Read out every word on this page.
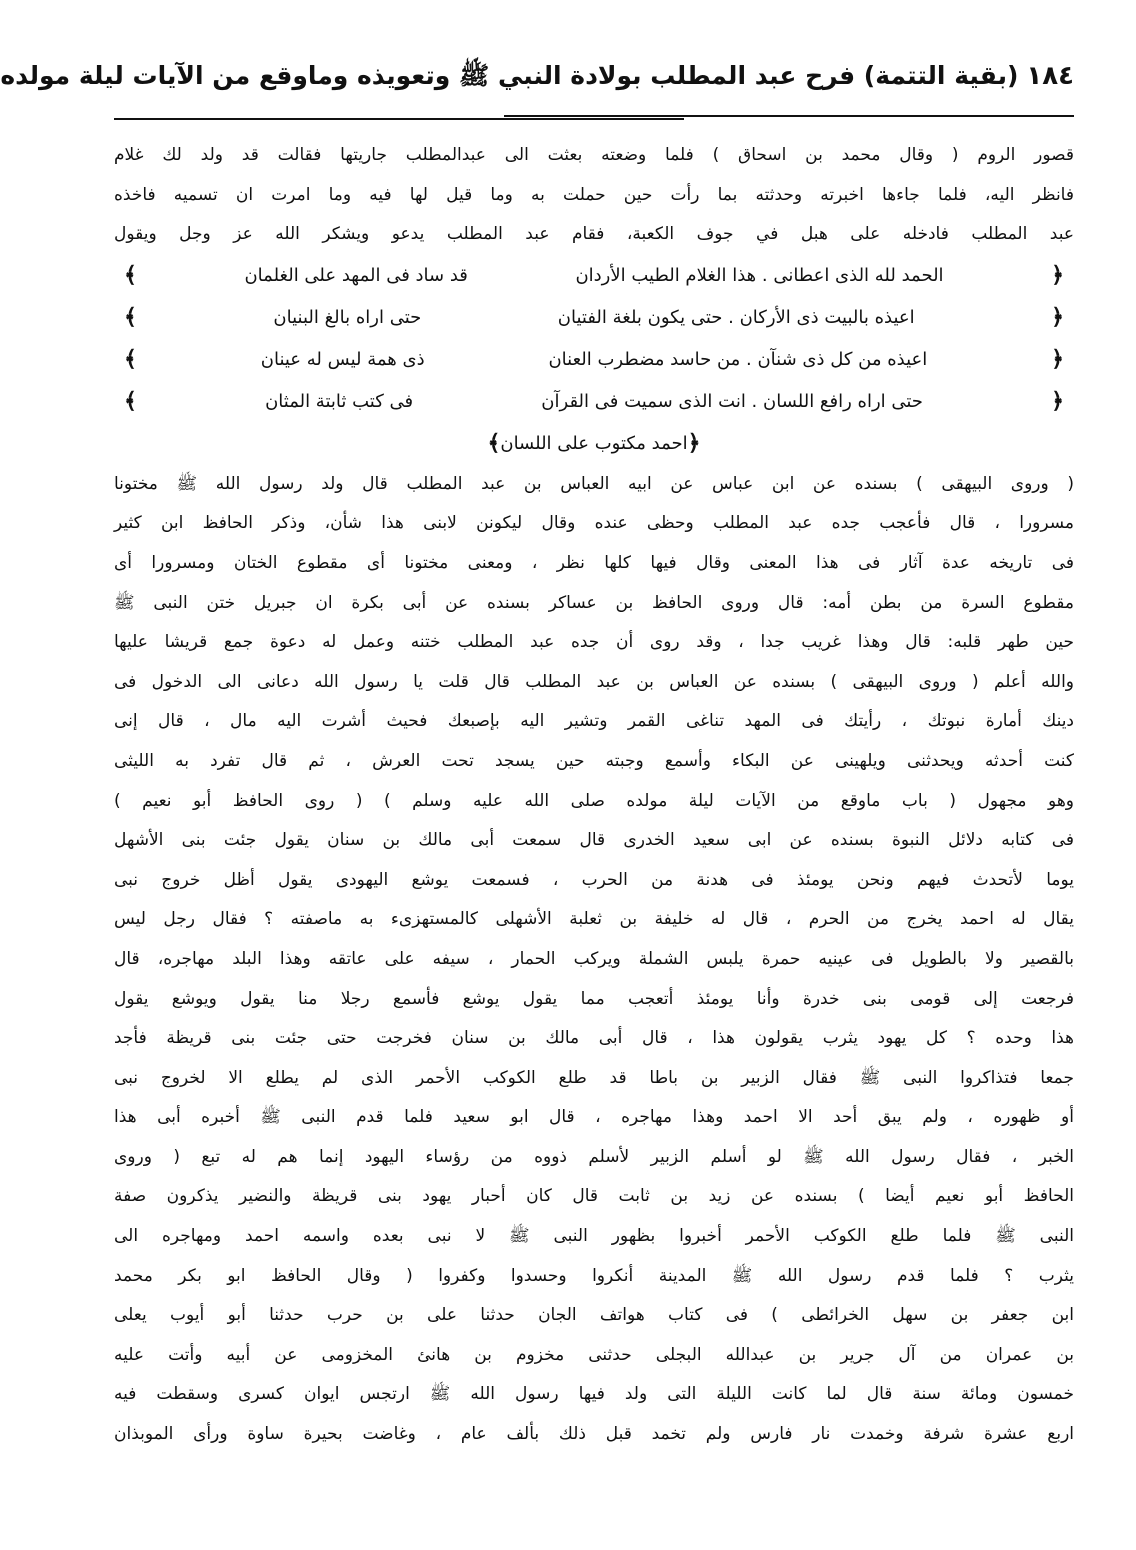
١٨٤
(بقية التتمة) فرح عبد المطلب بولادة النبي ﷺ وتعويذه وماوقع من الآيات ليلة مولده
قصور الروم ( وقال محمد بن اسحاق ) فلما وضعته بعثت الى عبدالمطلب جاريتها فقالت قد ولد لك غلام
فانظر اليه، فلما جاءها اخبرته وحدثته بما رأت حين حملت به وما قيل لها فيه وما امرت ان تسميه فاخذه
عبد المطلب فادخله على هبل في جوف الكعبة، فقام عبد المطلب يدعو ويشكر الله عز وجل ويقول
﴿
الحمد لله الذى اعطانى . هذا الغلام الطيب الأردان
قد ساد فى المهد على الغلمان
﴾
﴿
اعيذه بالبيت ذى الأركان . حتى يكون بلغة الفتيان
حتى اراه بالغ البنيان
﴾
﴿
اعيذه من كل ذى شنآن . من حاسد مضطرب العنان
ذى همة ليس له عينان
﴾
﴿
حتى اراه رافع اللسان . انت الذى سميت فى القرآن
فى كتب ثابتة المثان
﴾
﴿
احمد مكتوب على اللسان
﴾
( وروى البيهقى ) بسنده عن ابن عباس عن ابيه العباس بن عبد المطلب قال ولد رسول الله ﷺ مختونا
مسرورا ، قال فأعجب جده عبد المطلب وحظى عنده وقال ليكونن لابنى هذا شأن، وذكر الحافظ ابن كثير
فى تاريخه عدة آثار فى هذا المعنى وقال فيها كلها نظر ، ومعنى مختونا أى مقطوع الختان ومسرورا أى
مقطوع السرة من بطن أمه: قال وروى الحافظ بن عساكر بسنده عن أبى بكرة ان جبريل ختن النبى ﷺ
حين طهر قلبه: قال وهذا غريب جدا ، وقد روى أن جده عبد المطلب ختنه وعمل له دعوة جمع قريشا عليها
والله أعلم ( وروى البيهقى ) بسنده عن العباس بن عبد المطلب قال قلت يا رسول الله دعانى الى الدخول فى
دينك أمارة نبوتك ، رأيتك فى المهد تناغى القمر وتشير اليه بإصبعك فحيث أشرت اليه مال ، قال إنى
كنت أحدثه ويحدثنى ويلهينى عن البكاء وأسمع وجبته حين يسجد تحت العرش ، ثم قال تفرد به الليثى
وهو مجهول ( باب ماوقع من الآيات ليلة مولده صلى الله عليه وسلم ) ( روى الحافظ أبو نعيم )
فى كتابه دلائل النبوة بسنده عن ابى سعيد الخدرى قال سمعت أبى مالك بن سنان يقول جئت بنى الأشهل
يوما لأتحدث فيهم ونحن يومئذ فى هدنة من الحرب ، فسمعت يوشع اليهودى يقول أظل خروج نبى
يقال له احمد يخرج من الحرم ، قال له خليفة بن ثعلبة الأشهلى كالمستهزىء به ماصفته ؟ فقال رجل ليس
بالقصير ولا بالطويل فى عينيه حمرة يلبس الشملة ويركب الحمار ، سيفه على عاتقه وهذا البلد مهاجره، قال
فرجعت إلى قومى بنى خدرة وأنا يومئذ أتعجب مما يقول يوشع فأسمع رجلا منا يقول ويوشع يقول
هذا وحده ؟ كل يهود يثرب يقولون هذا ، قال أبى مالك بن سنان فخرجت حتى جئت بنى قريظة فأجد
جمعا فتذاكروا النبى ﷺ فقال الزبير بن باطا قد طلع الكوكب الأحمر الذى لم يطلع الا لخروج نبى
أو ظهوره ، ولم يبق أحد الا احمد وهذا مهاجره ، قال ابو سعيد فلما قدم النبى ﷺ أخبره أبى هذا
الخبر ، فقال رسول الله ﷺ لو أسلم الزبير لأسلم ذووه من رؤساء اليهود إنما هم له تبع ( وروى
الحافظ أبو نعيم أيضا ) بسنده عن زيد بن ثابت قال كان أحبار يهود بنى قريظة والنضير يذكرون صفة
النبى ﷺ فلما طلع الكوكب الأحمر أخبروا بظهور النبى ﷺ لا نبى بعده واسمه احمد ومهاجره الى
يثرب ؟ فلما قدم رسول الله ﷺ المدينة أنكروا وحسدوا وكفروا ( وقال الحافظ ابو بكر محمد
ابن جعفر بن سهل الخرائطى ) فى كتاب هواتف الجان حدثنا على بن حرب حدثنا أبو أيوب يعلى
بن عمران من آل جرير بن عبدالله البجلى حدثنى مخزوم بن هانئ المخزومى عن أبيه وأتت عليه
خمسون ومائة سنة قال لما كانت الليلة التى ولد فيها رسول الله ﷺ ارتجس ايوان كسرى وسقطت فيه
اربع عشرة شرفة وخمدت نار فارس ولم تخمد قبل ذلك بألف عام ، وغاضت بحيرة ساوة ورأى الموبذان
